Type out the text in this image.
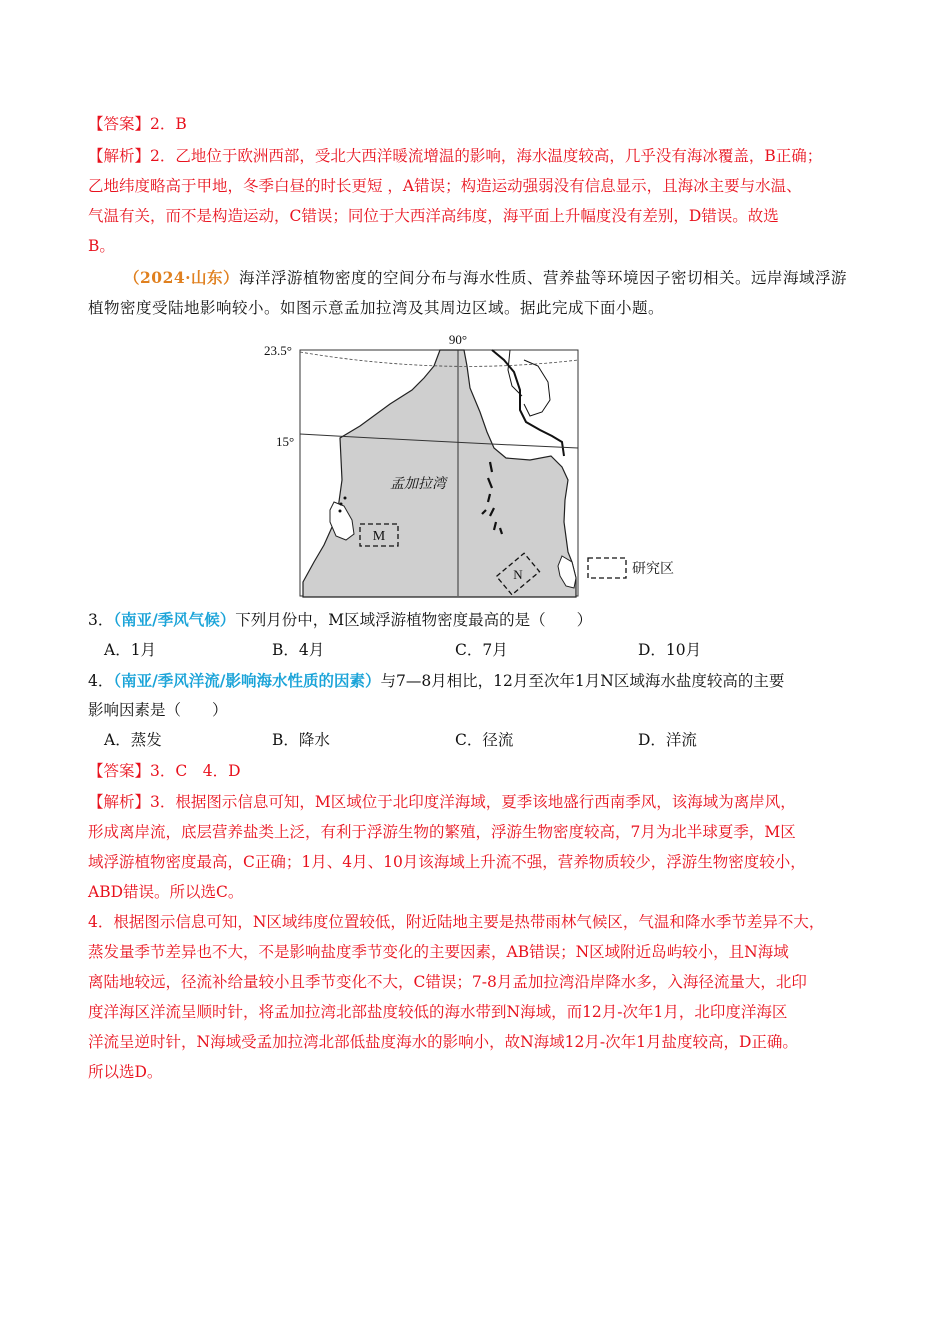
【答案】2．B
【解析】2．乙地位于欧洲西部，受北大西洋暖流增温的影响，海水温度较高，几乎没有海冰覆盖，B正确；
乙地纬度略高于甲地，冬季白昼的时长更短 ，A错误；构造运动强弱没有信息显示，且海冰主要与水温、
气温有关，而不是构造运动，C错误；同位于大西洋高纬度，海平面上升幅度没有差别，D错误。故选
B。
（2024·山东）海洋浮游植物密度的空间分布与海水性质、营养盐等环境因子密切相关。远岸海域浮游
植物密度受陆地影响较小。如图示意孟加拉湾及其周边区域。据此完成下面小题。
M
N
90°
23.5°
15°
孟加拉湾
研究区
3．（南亚/季风气候）下列月份中，M区域浮游植物密度最高的是（　　）
A．1月	B．4月	C．7月	D．10月
4．（南亚/季风洋流/影响海水性质的因素）与7—8月相比，12月至次年1月N区域海水盐度较高的主要
影响因素是（　　）
A．蒸发	B．降水	C．径流	D．洋流
【答案】3．C　4．D
【解析】3．根据图示信息可知，M区域位于北印度洋海域，夏季该地盛行西南季风，该海域为离岸风，
形成离岸流，底层营养盐类上泛，有利于浮游生物的繁殖，浮游生物密度较高，7月为北半球夏季，M区
域浮游植物密度最高，C正确；1月、4月、10月该海域上升流不强，营养物质较少，浮游生物密度较小，
ABD错误。所以选C。
4．根据图示信息可知，N区域纬度位置较低，附近陆地主要是热带雨林气候区，气温和降水季节差异不大，
蒸发量季节差异也不大，不是影响盐度季节变化的主要因素，AB错误；N区域附近岛屿较小，且N海域
离陆地较远，径流补给量较小且季节变化不大，C错误；7-8月孟加拉湾沿岸降水多，入海径流量大，北印
度洋海区洋流呈顺时针，将孟加拉湾北部盐度较低的海水带到N海域，而12月-次年1月，北印度洋海区
洋流呈逆时针，N海域受孟加拉湾北部低盐度海水的影响小，故N海域12月-次年1月盐度较高，D正确。
所以选D。
